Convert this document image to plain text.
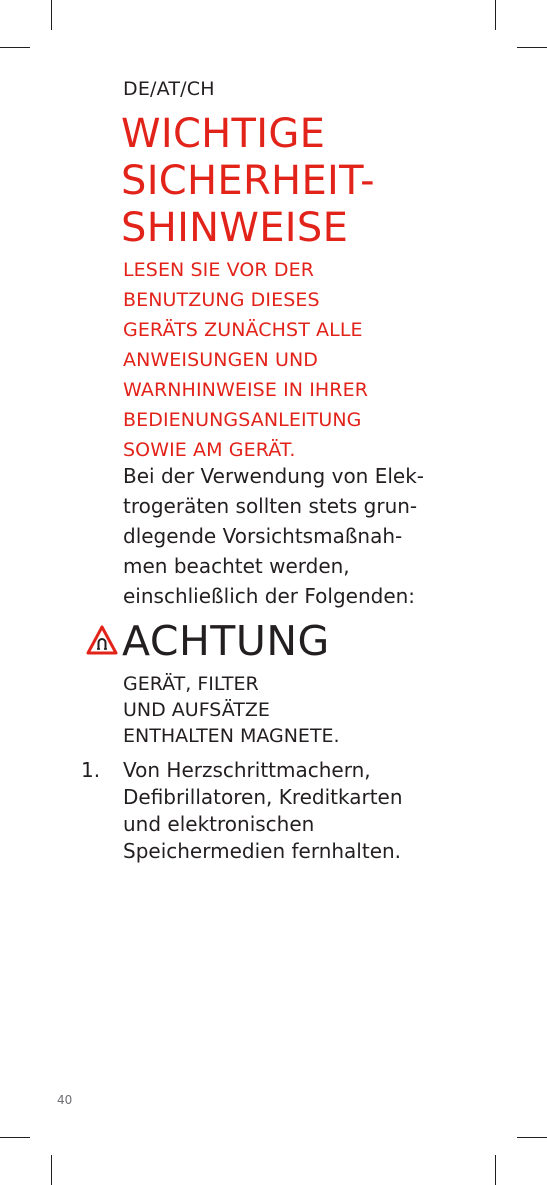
DE/AT/CH
WICHTIGE
SICHERHEIT-
SHINWEISE

LESEN SIE VOR DER
BENUTZUNG DIESES
GERÄTS ZUNÄCHST ALLE
ANWEISUNGEN UND
WARNHINWEISE IN IHRER
BEDIENUNGSANLEITUNG
SOWIE AM GERÄT.

Bei der Verwendung von Elek-
trogeräten sollten stets grun-
dlegende Vorsichtsmaßnah-
men beachtet werden,
einschließlich der Folgenden:

ACHTUNG

GERÄT, FILTER
UND AUFSÄTZE
ENTHALTEN MAGNETE.

1. Von Herzschrittmachern,
Defibrillatoren, Kreditkarten
und elektronischen
Speichermedien fernhalten.

40
